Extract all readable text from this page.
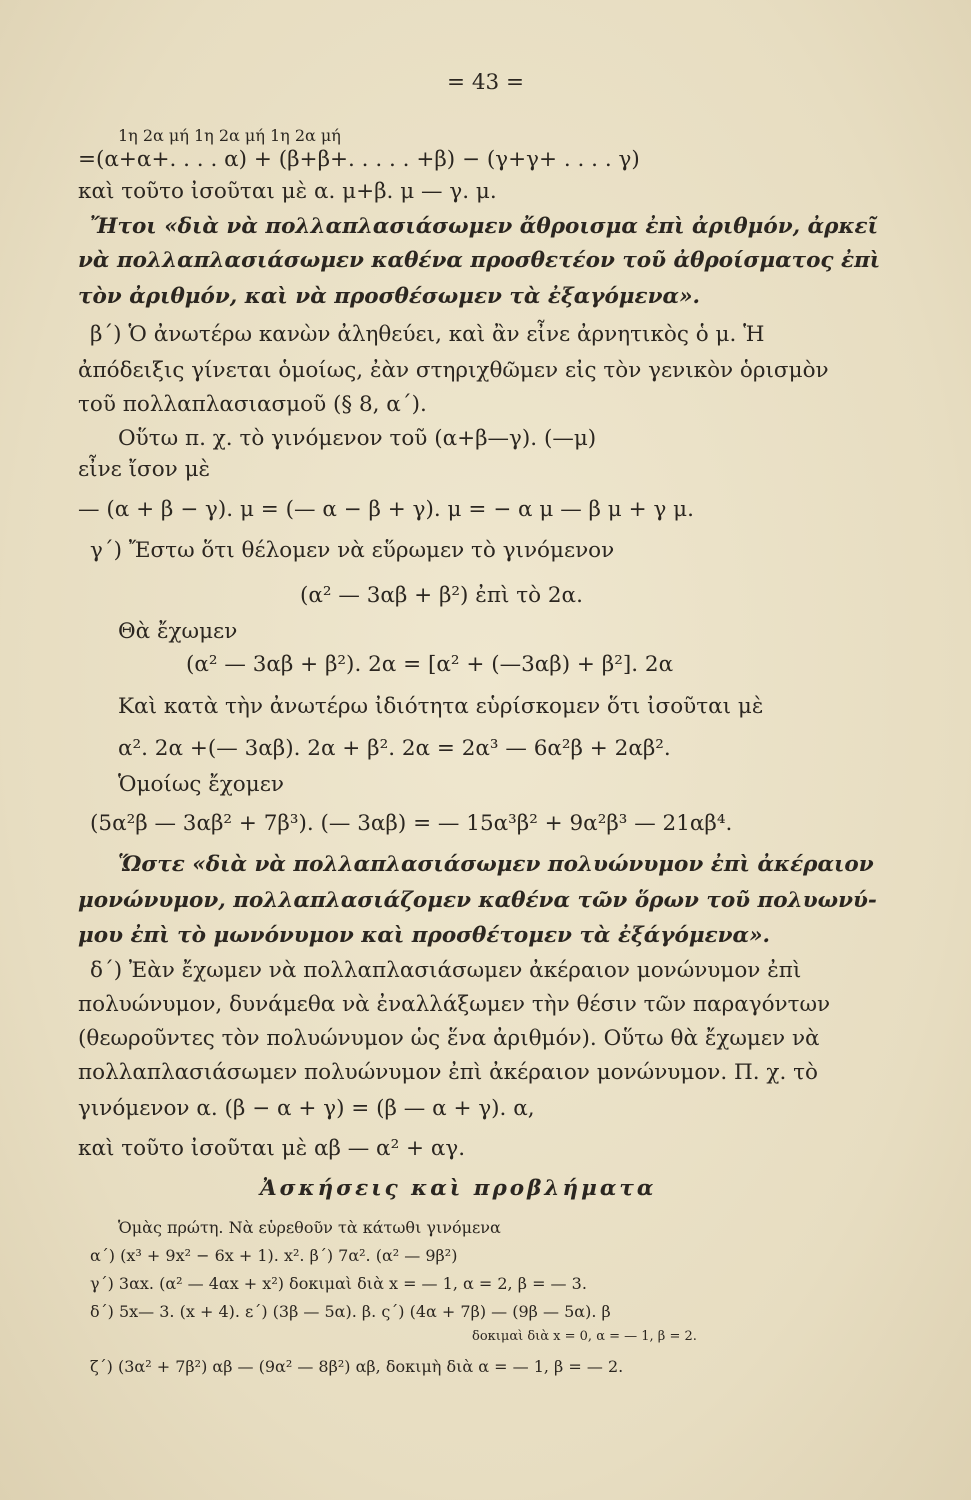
= 43 =
1η 2α μή 1η 2α μή 1η 2α μή
=(α+α+. . . . α) + (β+β+. . . . . +β) − (γ+γ+ . . . . γ)
καὶ τοῦτο ἰσοῦται μὲ α. μ+β. μ — γ. μ.
Ἤτοι «διὰ νὰ πολλαπλασιάσωμεν ἄθροισμα ἐπὶ ἀριθμόν, ἀρκεῖ
νὰ πολλαπλασιάσωμεν καθένα προσθετέον τοῦ ἀθροίσματος ἐπὶ
τὸν ἀριθμόν, καὶ νὰ προσθέσωμεν τὰ ἐξαγόμενα».
β΄) Ὁ ἀνωτέρω κανὼν ἀληθεύει, καὶ ἂν εἶνε ἀρνητικὸς ὁ μ. Ἡ
ἀπόδειξις γίνεται ὁμοίως, ἐὰν στηριχθῶμεν εἰς τὸν γενικὸν ὁρισμὸν
τοῦ πολλαπλασιασμοῦ (§ 8, α΄).
Οὕτω π. χ. τὸ γινόμενον τοῦ (α+β—γ). (—μ)
εἶνε ἴσον μὲ
— (α + β − γ). μ = (— α − β + γ). μ = − α μ — β μ + γ μ.
γ΄) Ἔστω ὅτι θέλομεν νὰ εὕρωμεν τὸ γινόμενον
(α² — 3αβ + β²) ἐπὶ τὸ 2α.
Θὰ ἔχωμεν
(α² — 3αβ + β²). 2α = [α² + (—3αβ) + β²]. 2α
Καὶ κατὰ τὴν ἀνωτέρω ἰδιότητα εὑρίσκομεν ὅτι ἰσοῦται μὲ
α². 2α +(— 3αβ). 2α + β². 2α = 2α³ — 6α²β + 2αβ².
Ὁμοίως ἔχομεν
(5α²β — 3αβ² + 7β³). (— 3αβ) = — 15α³β² + 9α²β³ — 21αβ⁴.
Ὥστε «διὰ νὰ πολλαπλασιάσωμεν πολυώνυμον ἐπὶ ἀκέραιον
μονώνυμον, πολλαπλασιάζομεν καθένα τῶν ὅρων τοῦ πολυωνύ-
μου ἐπὶ τὸ μωνόνυμον καὶ προσθέτομεν τὰ ἐξάγόμενα».
δ΄) Ἐὰν ἔχωμεν νὰ πολλαπλασιάσωμεν ἀκέραιον μονώνυμον ἐπὶ
πολυώνυμον, δυνάμεθα νὰ ἐναλλάξωμεν τὴν θέσιν τῶν παραγόντων
(θεωροῦντες τὸν πολυώνυμον ὡς ἕνα ἀριθμόν). Οὕτω θὰ ἔχωμεν νὰ
πολλαπλασιάσωμεν πολυώνυμον ἐπὶ ἀκέραιον μονώνυμον. Π. χ. τὸ
γινόμενον α. (β − α + γ) = (β — α + γ). α,
καὶ τοῦτο ἰσοῦται μὲ αβ — α² + αγ.
Ἀσκήσεις καὶ προβλήματα
Ὁμὰς πρώτη. Νὰ εὑρεθοῦν τὰ κάτωθι γινόμενα
α΄) (x³ + 9x² − 6x + 1). x². β΄) 7α². (α² — 9β²)
γ΄) 3αx. (α² — 4αx + x²) δοκιμαὶ διὰ x = — 1, α = 2, β = — 3.
δ΄) 5x— 3. (x + 4). ε΄) (3β — 5α). β. ς΄) (4α + 7β) — (9β — 5α). β
δοκιμαὶ διὰ x = 0, α = — 1, β = 2.
ζ΄) (3α² + 7β²) αβ — (9α² — 8β²) αβ, δοκιμὴ διὰ α = — 1, β = — 2.
